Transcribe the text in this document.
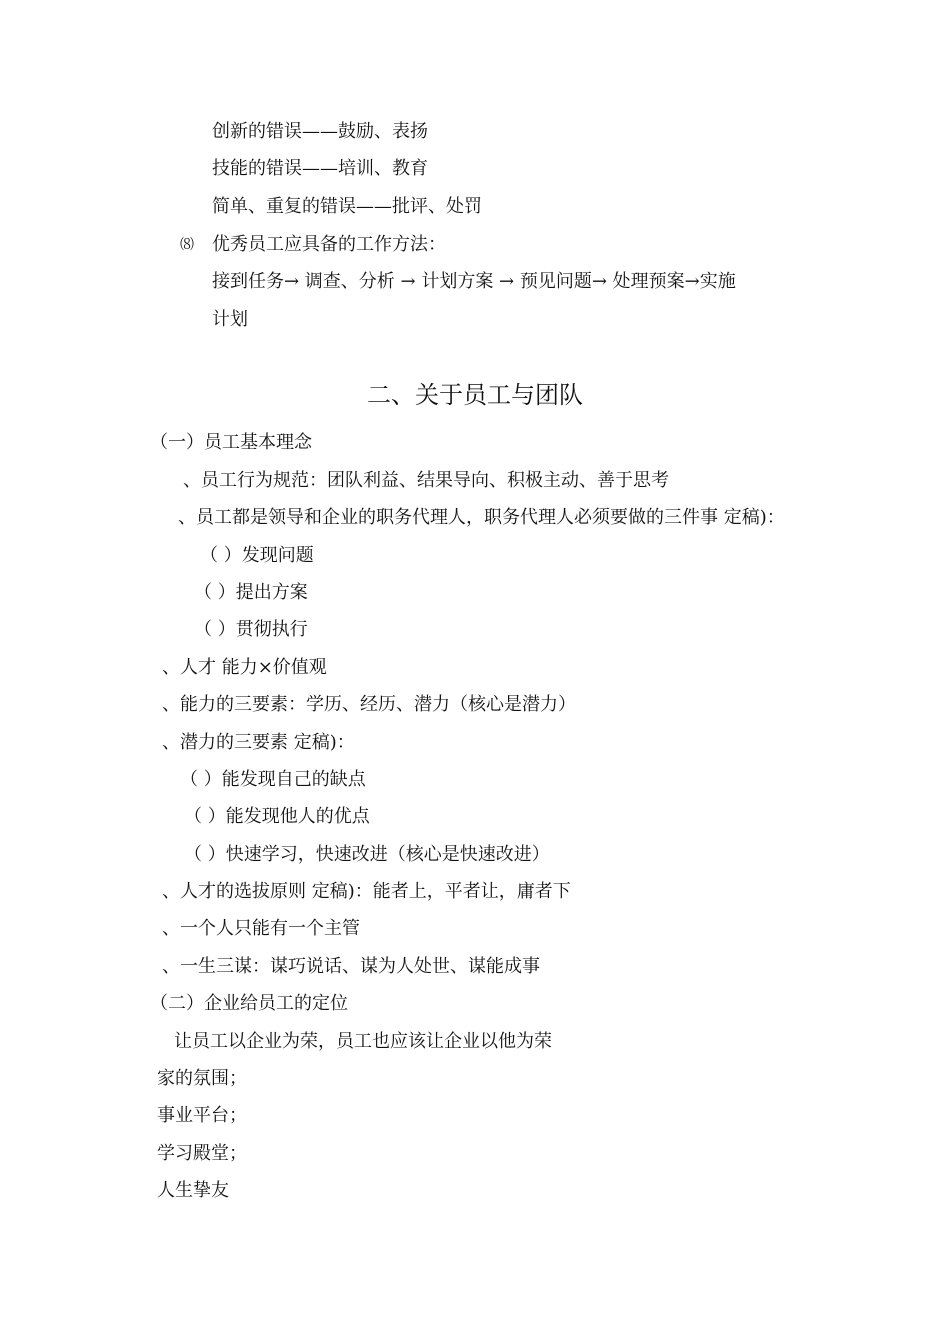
创新的错误——鼓励、表扬
技能的错误——培训、教育
简单、重复的错误——批评、处罚
⑻ 优秀员工应具备的工作方法：
接到任务→ 调查、分析 → 计划方案 → 预见问题→ 处理预案→实施
计划
二、关于员工与团队
（一）员工基本理念
、员工行为规范：团队利益、结果导向、积极主动、善于思考
、员工都是领导和企业的职务代理人，职务代理人必须要做的三件事 定稿)：
（ ）发现问题
（ ）提出方案
（ ）贯彻执行
、人才 能力×价值观
、能力的三要素：学历、经历、潜力（核心是潜力）
、潜力的三要素 定稿)：
（ ）能发现自己的缺点
（ ）能发现他人的优点
（ ）快速学习，快速改进（核心是快速改进）
、人才的选拔原则 定稿)：能者上，平者让，庸者下
、一个人只能有一个主管
、一生三谋：谋巧说话、谋为人处世、谋能成事
（二）企业给员工的定位
让员工以企业为荣，员工也应该让企业以他为荣
家的氛围；
事业平台；
学习殿堂；
人生挚友
